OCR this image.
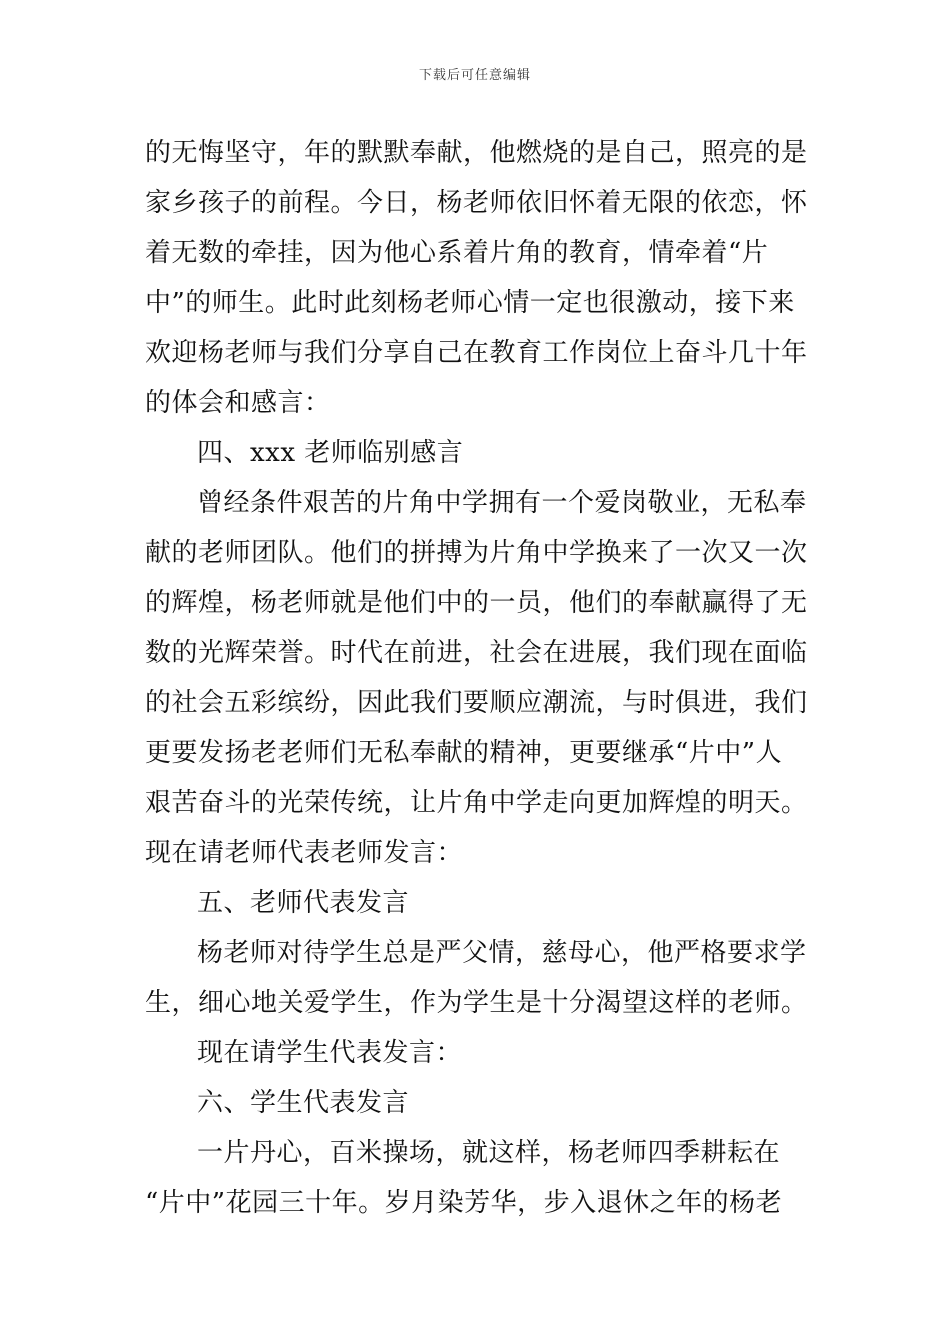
下载后可任意编辑
的无悔坚守，年的默默奉献，他燃烧的是自己，照亮的是
家乡孩子的前程。今日，杨老师依旧怀着无限的依恋，怀
着无数的牵挂，因为他心系着片角的教育，情牵着“片
中”的师生。此时此刻杨老师心情一定也很激动，接下来
欢迎杨老师与我们分享自己在教育工作岗位上奋斗几十年
的体会和感言：
四、xxx 老师临别感言
曾经条件艰苦的片角中学拥有一个爱岗敬业，无私奉
献的老师团队。他们的拼搏为片角中学换来了一次又一次
的辉煌，杨老师就是他们中的一员，他们的奉献赢得了无
数的光辉荣誉。时代在前进，社会在进展，我们现在面临
的社会五彩缤纷，因此我们要顺应潮流，与时俱进，我们
更要发扬老老师们无私奉献的精神，更要继承“片中”人
艰苦奋斗的光荣传统，让片角中学走向更加辉煌的明天。
现在请老师代表老师发言：
五、老师代表发言
杨老师对待学生总是严父情，慈母心，他严格要求学
生，细心地关爱学生，作为学生是十分渴望这样的老师。
现在请学生代表发言：
六、学生代表发言
一片丹心，百米操场，就这样，杨老师四季耕耘在
“片中”花园三十年。岁月染芳华，步入退休之年的杨老
